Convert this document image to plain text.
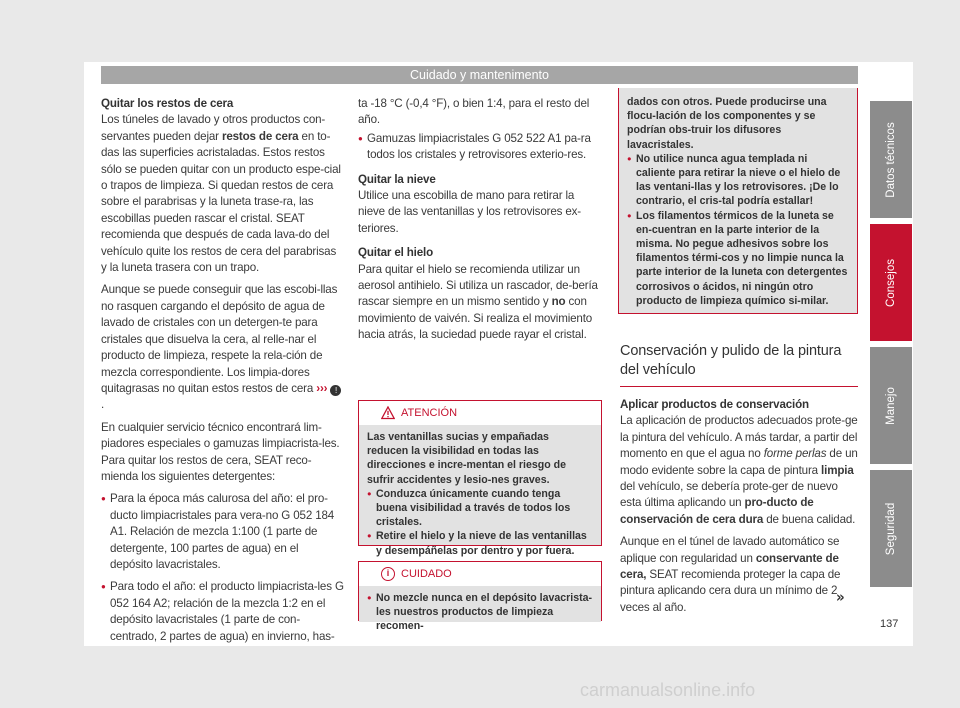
Cuidado y mantenimento
Quitar los restos de cera

Los túneles de lavado y otros productos con-servantes pueden dejar restos de cera en to-das las superficies acristaladas. Estos restos sólo se pueden quitar con un producto espe-cial o trapos de limpieza. Si quedan restos de cera sobre el parabrisas y la luneta trase-ra, las escobillas pueden rascar el cristal. SEAT recomienda que después de cada lava-do del vehículo quite los restos de cera del parabrisas y la luneta trasera con un trapo.

Aunque se puede conseguir que las escobi-llas no rasquen cargando el depósito de agua de lavado de cristales con un detergen-te para cristales que disuelva la cera, al relle-nar el producto de limpieza, respete la rela-ción de mezcla correspondiente. Los limpia-dores quitagrasas no quitan estos restos de cera ››› !.

En cualquier servicio técnico encontrará lim-piadores especiales o gamuzas limpiacrista-les. Para quitar los restos de cera, SEAT reco-mienda los siguientes detergentes:

● Para la época más calurosa del año: el pro-ducto limpiacristales para vera-no G 052 184 A1. Relación de mezcla 1:100 (1 parte de detergente, 100 partes de agua) en el depósito lavacristales.

● Para todo el año: el producto limpiacrista-les G 052 164 A2; relación de la mezcla 1:2 en el depósito lavacristales (1 parte de con-centrado, 2 partes de agua) en invierno, has-

ta -18 °C (-0,4 °F), o bien 1:4, para el resto del año.

● Gamuzas limpiacristales G 052 522 A1 pa-ra todos los cristales y retrovisores exterio-res.

Quitar la nieve

Utilice una escobilla de mano para retirar la nieve de las ventanillas y los retrovisores ex-teriores.

Quitar el hielo

Para quitar el hielo se recomienda utilizar un aerosol antihielo. Si utiliza un rascador, de-bería rascar siempre en un mismo sentido y no con movimiento de vaivén. Si realiza el movimiento hacia atrás, la suciedad puede rayar el cristal.

ATENCIÓN
Las ventanillas sucias y empañadas reducen la visibilidad en todas las direcciones e incre-mentan el riesgo de sufrir accidentes y lesio-nes graves.
● Conduzca únicamente cuando tenga buena visibilidad a través de todos los cristales.
● Retire el hielo y la nieve de las ventanillas y desempáñelas por dentro y por fuera.
i	CUIDADO
● No mezcle nunca en el depósito lavacrista-les nuestros productos de limpieza recomen-
dados con otros. Puede producirse una flocu-lación de los componentes y se podrían obs-truir los difusores lavacristales.
● No utilice nunca agua templada ni caliente para retirar la nieve o el hielo de las ventani-llas y los retrovisores. ¡De lo contrario, el cris-tal podría estallar!
● Los filamentos térmicos de la luneta se en-cuentran en la parte interior de la misma. No pegue adhesivos sobre los filamentos térmi-cos y no limpie nunca la parte interior de la luneta con detergentes corrosivos o ácidos, ni ningún otro producto de limpieza químico si-milar.
Conservación y pulido de la pintura del vehículo
Aplicar productos de conservación

La aplicación de productos adecuados prote-ge la pintura del vehículo. A más tardar, a partir del momento en que el agua no forme perlas de un modo evidente sobre la capa de pintura limpia del vehículo, se debería prote-ger de nuevo esta última aplicando un pro-ducto de conservación de cera dura de buena calidad.

Aunque en el túnel de lavado automático se aplique con regularidad un conservante de cera, SEAT recomienda proteger la capa de pintura aplicando cera dura un mínimo de 2 veces al año.

Datos técnicos
Consejos
Manejo
Seguridad
»
137
carmanualsonline.info
